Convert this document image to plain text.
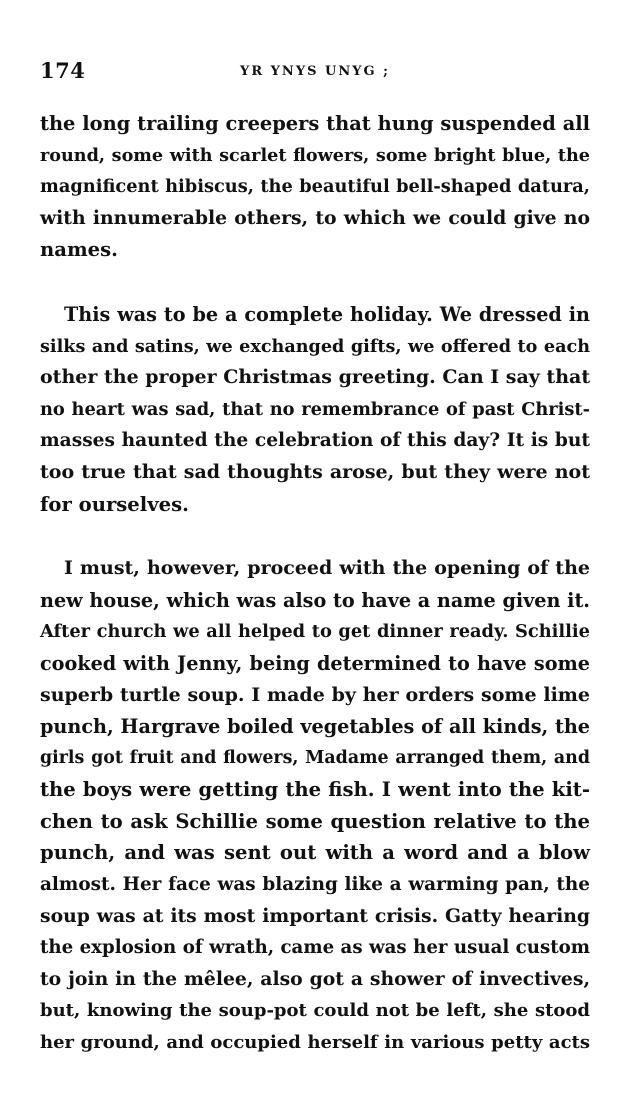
174	YR YNYS UNYG ;

the long trailing creepers that hung suspended all
round, some with scarlet flowers, some bright blue, the
magnificent hibiscus, the beautiful bell-shaped datura,
with innumerable others, to which we could give no
names.

This was to be a complete holiday. We dressed in
silks and satins, we exchanged gifts, we offered to each
other the proper Christmas greeting. Can I say that
no heart was sad, that no remembrance of past Christ-
masses haunted the celebration of this day? It is but
too true that sad thoughts arose, but they were not
for ourselves.

I must, however, proceed with the opening of the
new house, which was also to have a name given it.
After church we all helped to get dinner ready. Schillie
cooked with Jenny, being determined to have some
superb turtle soup. I made by her orders some lime
punch, Hargrave boiled vegetables of all kinds, the
girls got fruit and flowers, Madame arranged them, and
the boys were getting the fish. I went into the kit-
chen to ask Schillie some question relative to the
punch, and was sent out with a word and a blow
almost. Her face was blazing like a warming pan, the
soup was at its most important crisis. Gatty hearing
the explosion of wrath, came as was her usual custom
to join in the mêlee, also got a shower of invectives,
but, knowing the soup-pot could not be left, she stood
her ground, and occupied herself in various petty acts
